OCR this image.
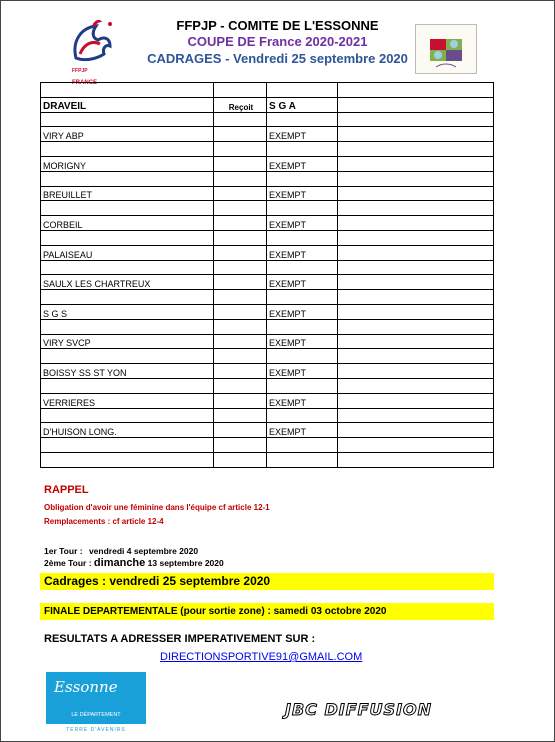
FFPJP
FRANCE
FFPJP - COMITE DE L'ESSONNE
COUPE DE France 2020-2021
CADRAGES - Vendredi 25 septembre 2020

DRAVEIL	Reçoit	S G A	

VIRY ABP		EXEMPT	

MORIGNY		EXEMPT	

BREUILLET		EXEMPT	

CORBEIL		EXEMPT	

PALAISEAU		EXEMPT	

SAULX LES CHARTREUX		EXEMPT	

S G S		EXEMPT	

VIRY SVCP		EXEMPT	

BOISSY SS ST YON		EXEMPT	

VERRIERES		EXEMPT	

D'HUISON LONG.		EXEMPT	

RAPPEL
Obligation d'avoir une féminine dans l'équipe cf article 12-1
Remplacements : cf article 12-4
1er Tour : vendredi 4 septembre 2020
2ème Tour : dimanche 13 septembre 2020
Cadrages : vendredi 25 septembre 2020
FINALE DEPARTEMENTALE (pour sortie zone) : samedi 03 octobre 2020
RESULTATS A ADRESSER IMPERATIVEMENT SUR :
DIRECTIONSPORTIVE91@GMAIL.COM
Essonne
LE DÉPARTEMENT
TERRE D'AVENIRS
JBC DIFFUSION
